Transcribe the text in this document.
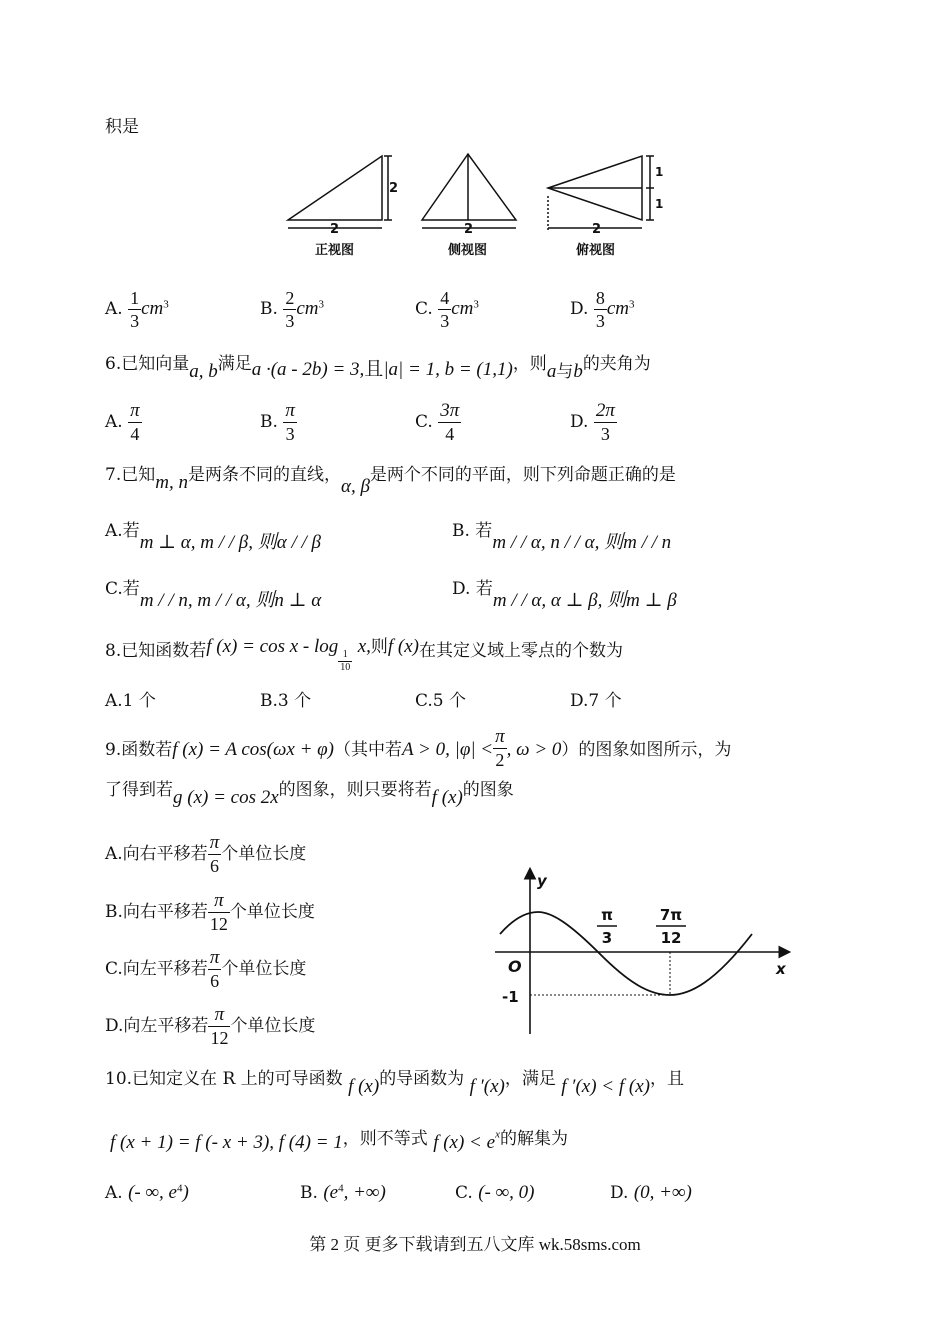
积是
2
2
正视图
2
侧视图
1
1
2
俯视图
A. $\frac{1}{3} cm^3$	B. $\frac{2}{3} cm^3$	C. $\frac{4}{3} cm^3$	D. $\frac{8}{3} cm^3$
6.已知向量a, b满足a ·(a - 2b) = 3,且|a| = 1, b = (1,1)，则a与b的夹角为
A. $\frac{\pi}{4}$	B. $\frac{\pi}{3}$	C. $\frac{3\pi}{4}$	D. $\frac{2\pi}{3}$
7.已知m, n是两条不同的直线，α, β是两个不同的平面，则下列命题正确的是
A.若m ⊥ α, m / / β, 则α / / β
B. 若m / / α, n / / α, 则m / / n
C.若m / / n, m / / α, 则n ⊥ α
D. 若m / / α, α ⊥ β, 则m ⊥ β
8.已知函数若f (x) = cos x - log
$\frac{1}{10}$
x,则f (x)在其定义域上零点的个数为
A.1 个	B.3 个	C.5 个	D.7 个
9.函数若f (x) = A cos(ωx + φ)（其中若A > 0, $|\varphi| < \frac{\pi}{2}$ , ω > 0）的图象如图所示，为
了得到若g (x) = cos 2x的图象，则只要将若f (x)的图象
A.向右平移若 $\frac{\pi}{6}$ 个单位长度
B.向右平移若 $\frac{\pi}{12}$ 个单位长度
C.向左平移若 $\frac{\pi}{6}$ 个单位长度
D.向左平移若 $\frac{\pi}{12}$ 个单位长度
y
x
O
-1
π
3
7π
12
10.已知定义在 R 上的可导函数 f (x)的导函数为 f ′(x)，满足 f ′(x) < f (x)，且
f (x + 1) = f (- x + 3), f (4) = 1，则不等式 f $(x) < e^x$的解集为
A. (- ∞, $e^4$)	B. ($e^4$, +∞)	C. (- ∞, 0)	D. (0, +∞)
第 2 页 更多下载请到五八文库 wk.58sms.com
